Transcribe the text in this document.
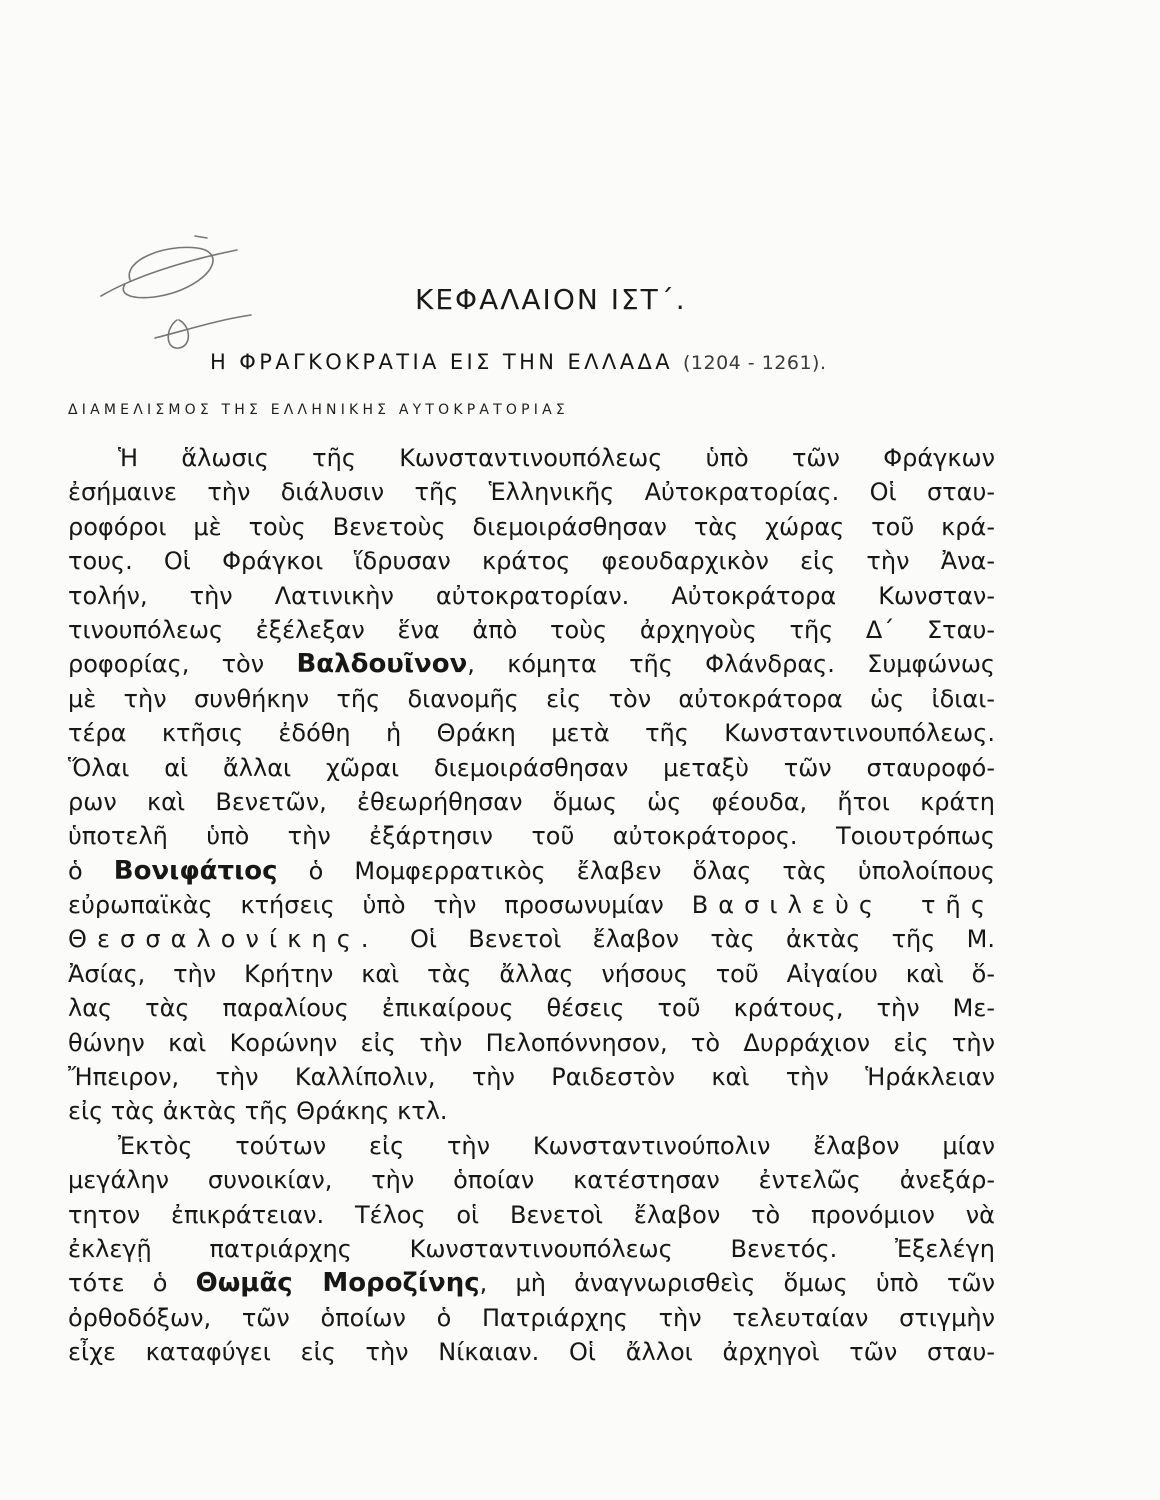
ΚΕΦΑΛΑΙΟΝ ΙΣΤ΄.
Η ΦΡΑΓΚΟΚΡΑΤΙΑ ΕΙΣ ΤΗΝ ΕΛΛΑΔΑ (1204 - 1261).
ΔΙΑΜΕΛΙΣΜΟΣ ΤΗΣ ΕΛΛΗΝΙΚΗΣ ΑΥΤΟΚΡΑΤΟΡΙΑΣ
Ἡ ἅλωσις τῆς Κωνσταντινουπόλεως ὑπὸ τῶν Φράγκων
ἐσήμαινε τὴν διάλυσιν τῆς Ἑλληνικῆς Αὐτοκρατορίας. Οἱ σταυ-
ροφόροι μὲ τοὺς Βενετοὺς διεμοιράσθησαν τὰς χώρας τοῦ κρά-
τους. Οἱ Φράγκοι ἵδρυσαν κράτος φεουδαρχικὸν εἰς τὴν Ἀνα-
τολήν, τὴν Λατινικὴν αὐτοκρατορίαν. Αὐτοκράτορα Κωνσταν-
τινουπόλεως ἐξέλεξαν ἕνα ἀπὸ τοὺς ἀρχηγοὺς τῆς Δ΄ Σταυ-
ροφορίας, τὸν Βαλδουῖνον, κόμητα τῆς Φλάνδρας. Συμφώνως
μὲ τὴν συνθήκην τῆς διανομῆς εἰς τὸν αὐτοκράτορα ὡς ἰδιαι-
τέρα κτῆσις ἐδόθη ἡ Θράκη μετὰ τῆς Κωνσταντινουπόλεως.
Ὅλαι αἱ ἄλλαι χῶραι διεμοιράσθησαν μεταξὺ τῶν σταυροφό-
ρων καὶ Βενετῶν, ἐθεωρήθησαν ὅμως ὡς φέουδα, ἤτοι κράτη
ὑποτελῆ ὑπὸ τὴν ἐξάρτησιν τοῦ αὐτοκράτορος. Τοιουτρόπως
ὁ Βονιφάτιος ὁ Μομφερρατικὸς ἔλαβεν ὅλας τὰς ὑπολοίπους
εὐρωπαϊκὰς κτήσεις ὑπὸ τὴν προσωνυμίαν Βασιλεὺς τῆς
Θεσσαλονίκης. Οἱ Βενετοὶ ἔλαβον τὰς ἀκτὰς τῆς Μ.
Ἀσίας, τὴν Κρήτην καὶ τὰς ἄλλας νήσους τοῦ Αἰγαίου καὶ ὅ-
λας τὰς παραλίους ἐπικαίρους θέσεις τοῦ κράτους, τὴν Με-
θώνην καὶ Κορώνην εἰς τὴν Πελοπόννησον, τὸ Δυρράχιον εἰς τὴν
Ἤπειρον, τὴν Καλλίπολιν, τὴν Ραιδεστὸν καὶ τὴν Ἡράκλειαν
εἰς τὰς ἀκτὰς τῆς Θράκης κτλ.
Ἐκτὸς τούτων εἰς τὴν Κωνσταντινούπολιν ἔλαβον μίαν
μεγάλην συνοικίαν, τὴν ὁποίαν κατέστησαν ἐντελῶς ἀνεξάρ-
τητον ἐπικράτειαν. Τέλος οἱ Βενετοὶ ἔλαβον τὸ προνόμιον νὰ
ἐκλεγῇ πατριάρχης Κωνσταντινουπόλεως Βενετός. Ἐξελέγη
τότε ὁ Θωμᾶς Μοροζίνης, μὴ ἀναγνωρισθεὶς ὅμως ὑπὸ τῶν
ὀρθοδόξων, τῶν ὁποίων ὁ Πατριάρχης τὴν τελευταίαν στιγμὴν
εἶχε καταφύγει εἰς τὴν Νίκαιαν. Οἱ ἄλλοι ἀρχηγοὶ τῶν σταυ-
